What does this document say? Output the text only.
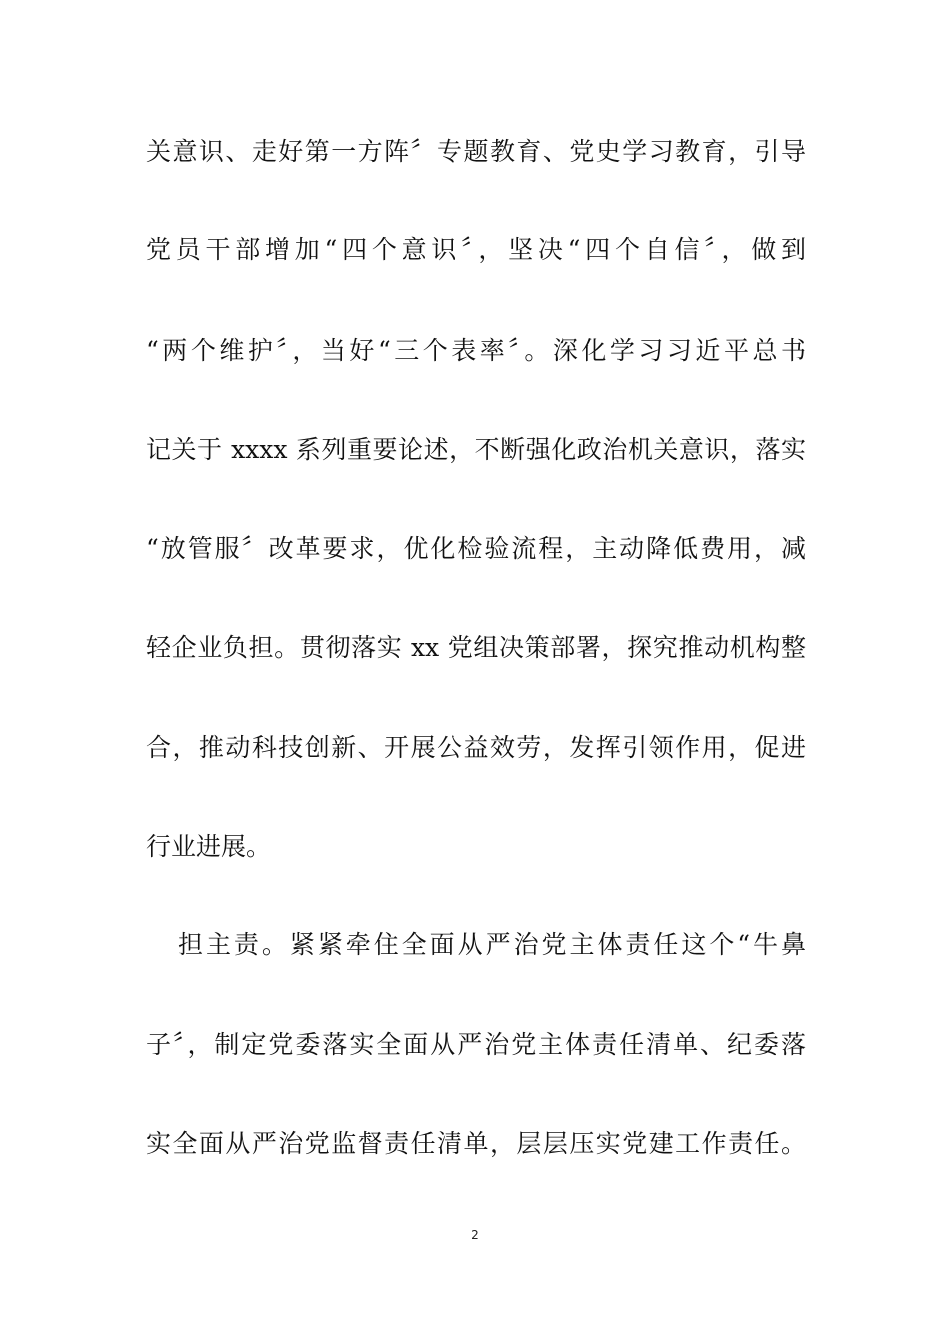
关意识、走好第一方阵〞专题教育、党史学习教育，引导
党员干部增加“四个意识〞，坚决“四个自信〞，做到
“两个维护〞，当好“三个表率〞。深化学习习近平总书
记关于 xxxx 系列重要论述，不断强化政治机关意识，落实
“放管服〞改革要求，优化检验流程，主动降低费用，减
轻企业负担。贯彻落实 xx 党组决策部署，探究推动机构整
合，推动科技创新、开展公益效劳，发挥引领作用，促进
行业进展。
担主责。紧紧牵住全面从严治党主体责任这个“牛鼻
子〞，制定党委落实全面从严治党主体责任清单、纪委落
实全面从严治党监督责任清单，层层压实党建工作责任。
2
